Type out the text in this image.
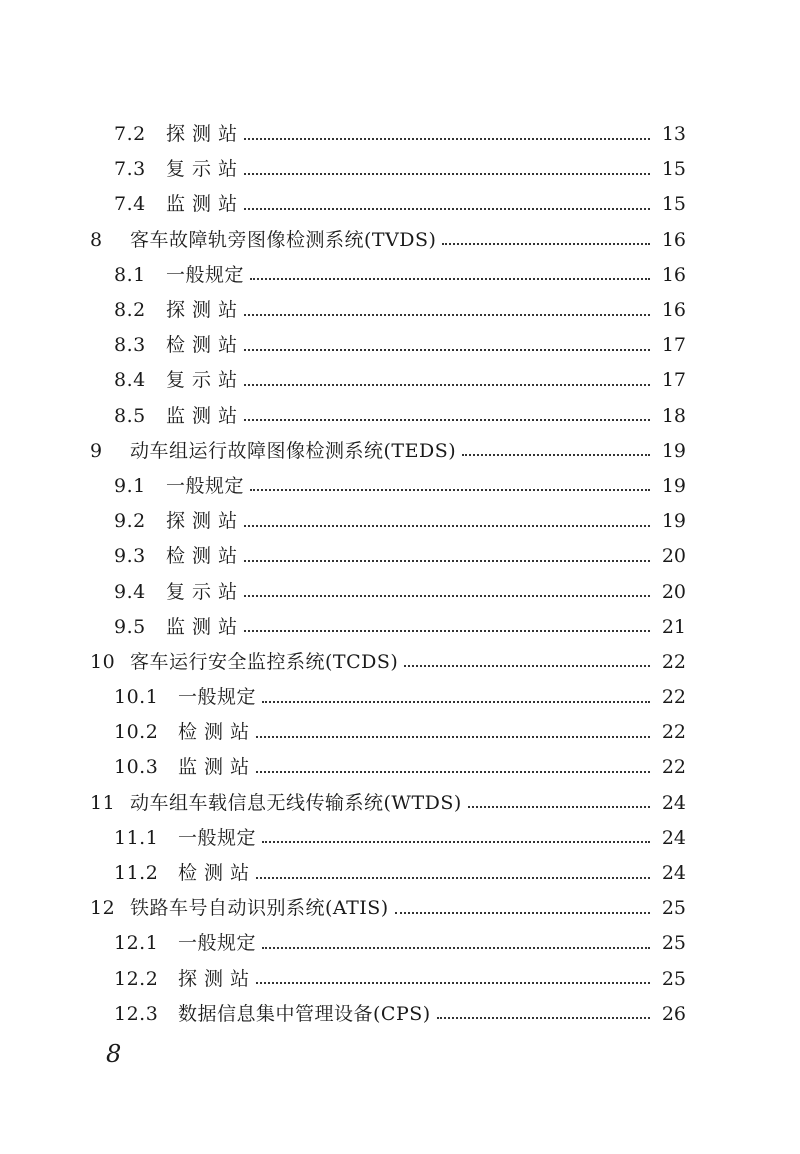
7.2	探 测 站	13
7.3	复 示 站	15
7.4	监 测 站	15
8	客车故障轨旁图像检测系统(TVDS)	16
8.1	一般规定	16
8.2	探 测 站	16
8.3	检 测 站	17
8.4	复 示 站	17
8.5	监 测 站	18
9	动车组运行故障图像检测系统(TEDS)	19
9.1	一般规定	19
9.2	探 测 站	19
9.3	检 测 站	20
9.4	复 示 站	20
9.5	监 测 站	21
10 客车运行安全监控系统(TCDS)	22
10.1	一般规定	22
10.2	检 测 站	22
10.3	监 测 站	22
11 动车组车载信息无线传输系统(WTDS)	24
11.1	一般规定	24
11.2	检 测 站	24
12 铁路车号自动识别系统(ATIS)	25
12.1	一般规定	25
12.2	探 测 站	25
12.3	数据信息集中管理设备(CPS)	26
8
